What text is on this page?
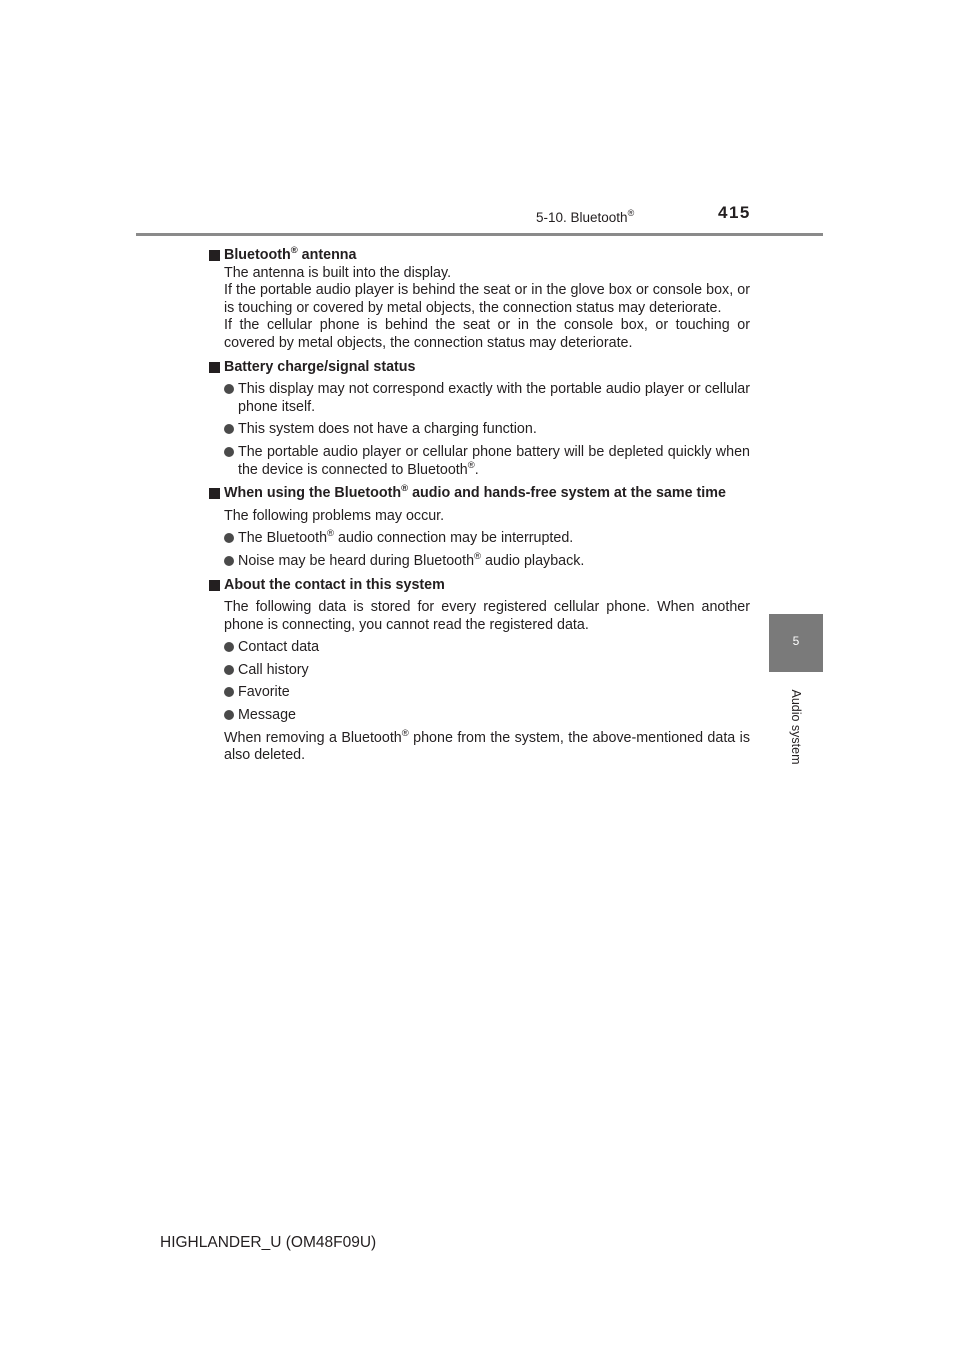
5-10. Bluetooth®	415
5
Audio system
Bluetooth® antenna
The antenna is built into the display.
If the portable audio player is behind the seat or in the glove box or console box, or is touching or covered by metal objects, the connection status may deteriorate.
If the cellular phone is behind the seat or in the console box, or touching or covered by metal objects, the connection status may deteriorate.
Battery charge/signal status
This display may not correspond exactly with the portable audio player or cellular phone itself.
This system does not have a charging function.
The portable audio player or cellular phone battery will be depleted quickly when the device is connected to Bluetooth®.
When using the Bluetooth® audio and hands-free system at the same time
The following problems may occur.
The Bluetooth® audio connection may be interrupted.
Noise may be heard during Bluetooth® audio playback.
About the contact in this system
The following data is stored for every registered cellular phone. When another phone is connecting, you cannot read the registered data.
Contact data
Call history
Favorite
Message
When removing a Bluetooth® phone from the system, the above-mentioned data is also deleted.
HIGHLANDER_U (OM48F09U)
